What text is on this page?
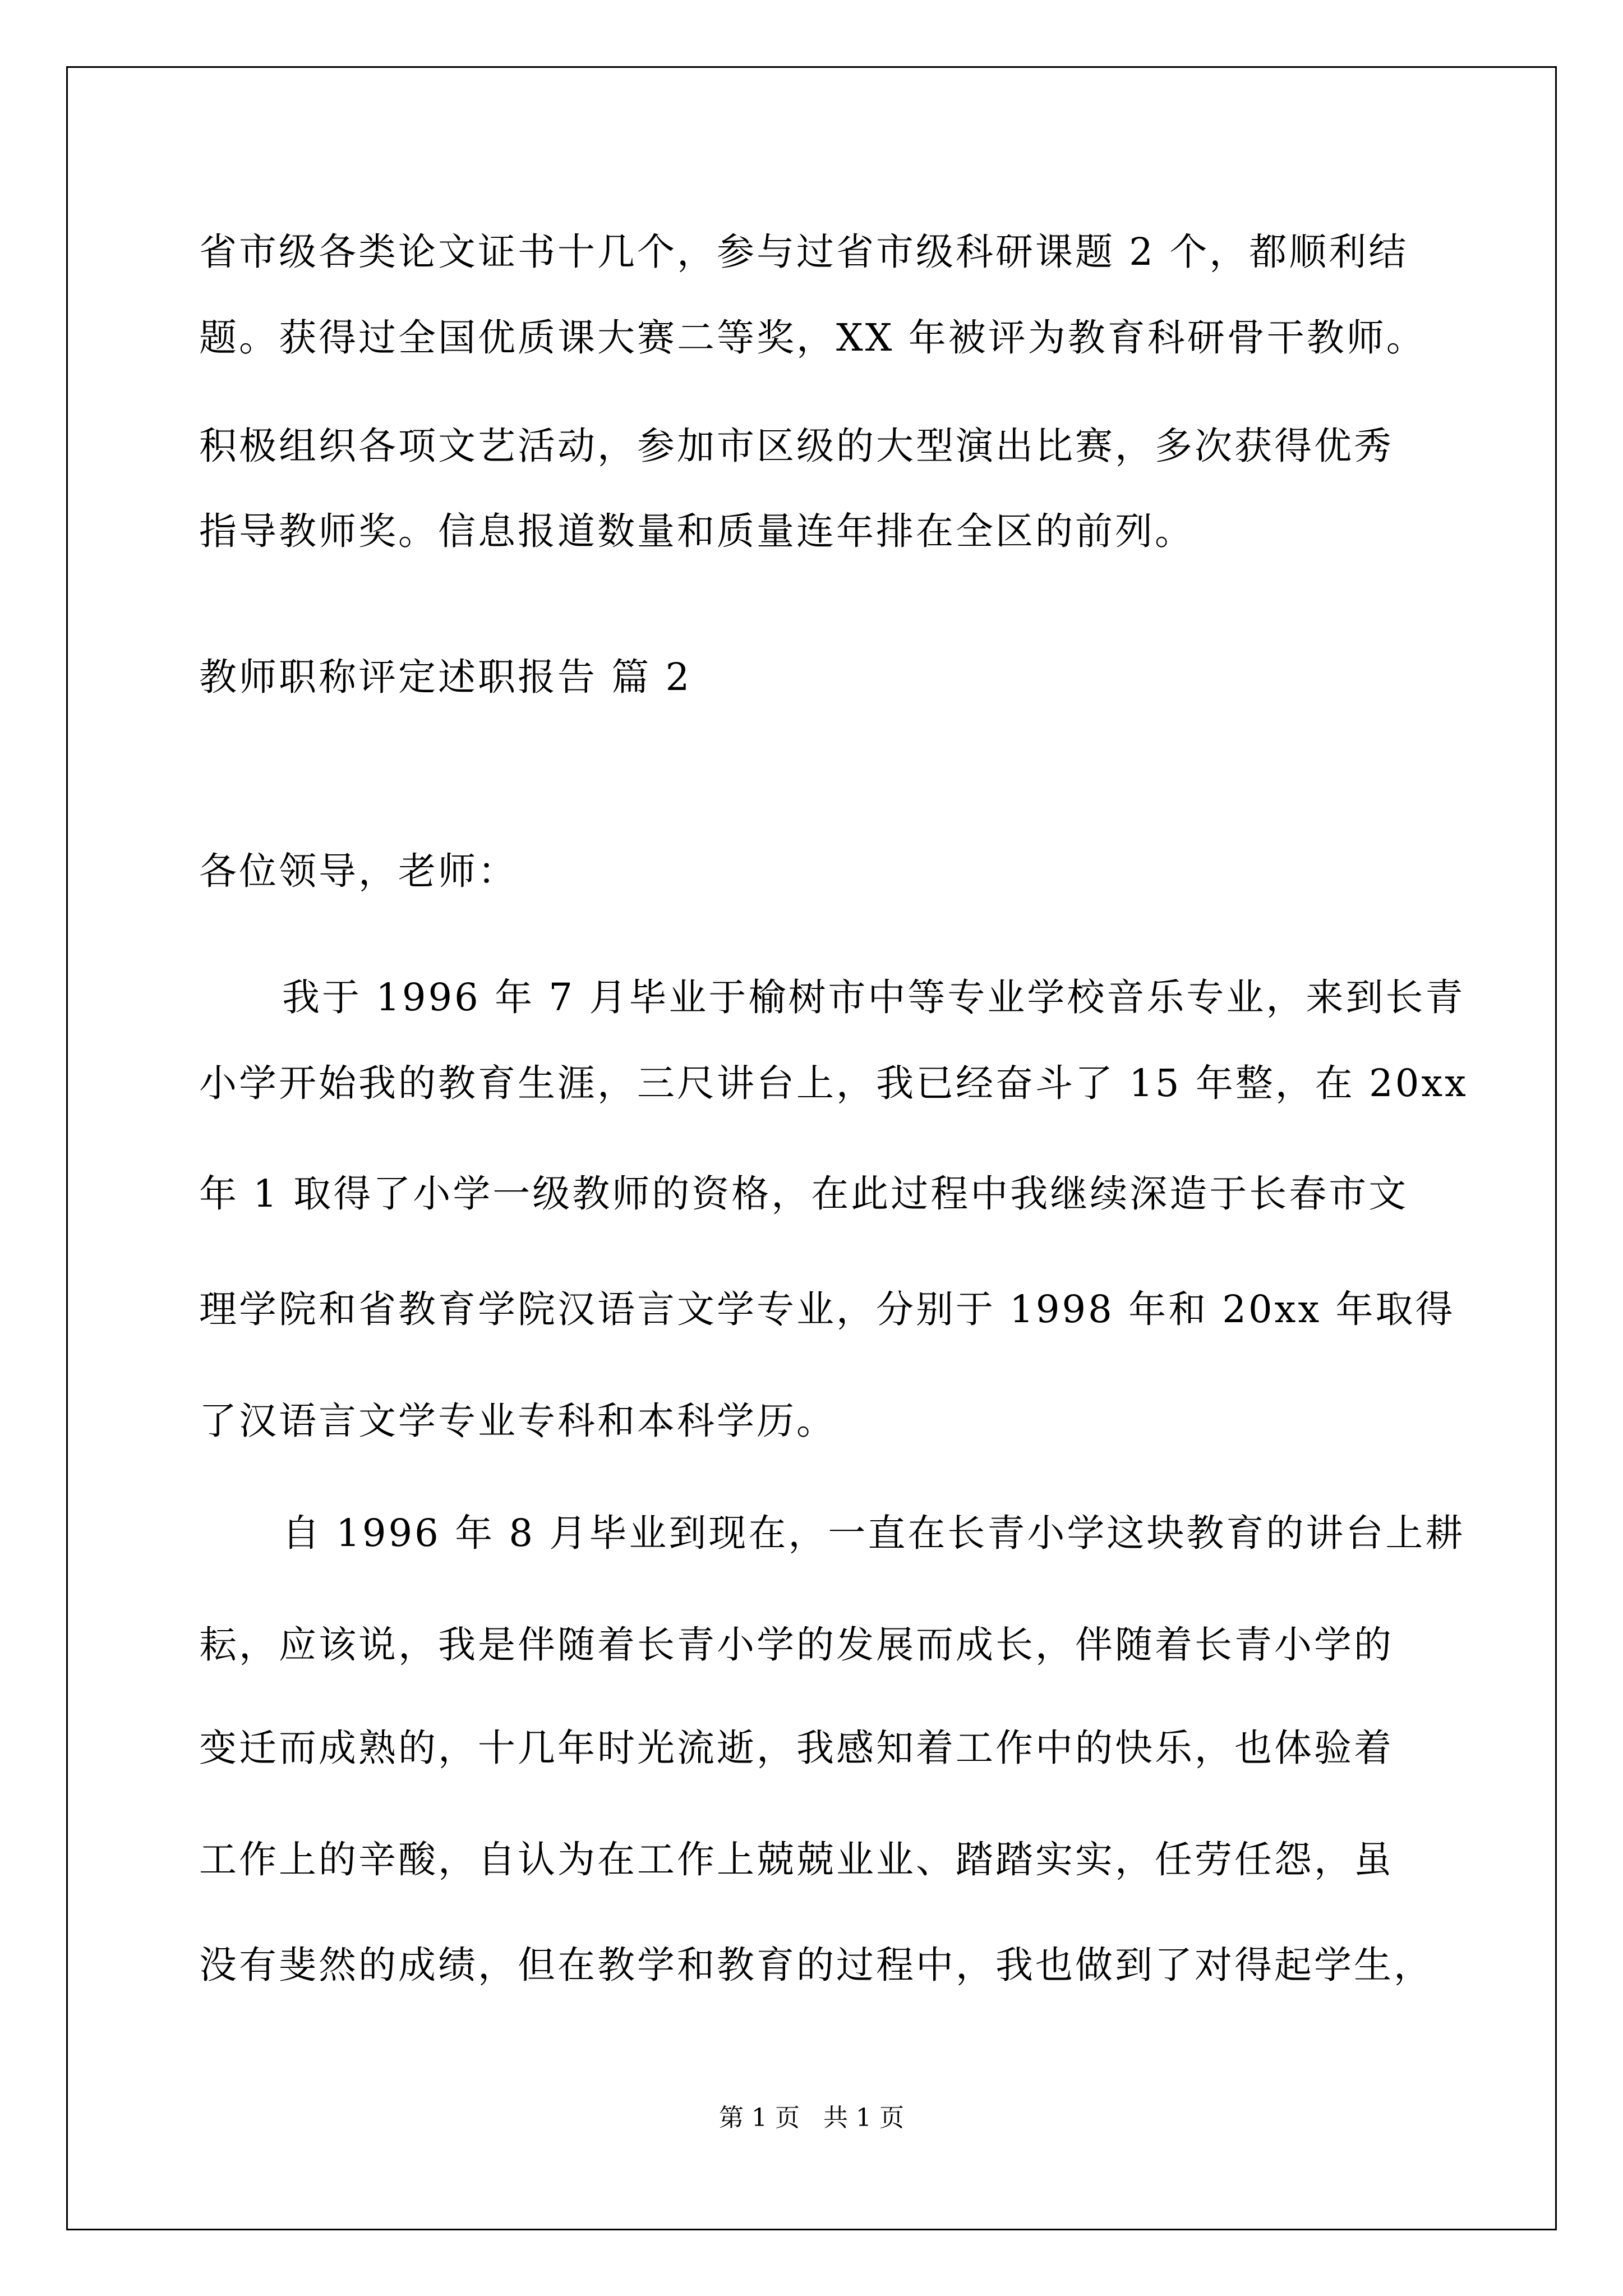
省市级各类论文证书十几个，参与过省市级科研课题 2 个，都顺利结
题。获得过全国优质课大赛二等奖，XX 年被评为教育科研骨干教师。
积极组织各项文艺活动，参加市区级的大型演出比赛，多次获得优秀
指导教师奖。信息报道数量和质量连年排在全区的前列。
教师职称评定述职报告 篇 2
各位领导，老师：
我于 1996 年 7 月毕业于榆树市中等专业学校音乐专业，来到长青
小学开始我的教育生涯，三尺讲台上，我已经奋斗了 15 年整，在 20xx
年 1 取得了小学一级教师的资格，在此过程中我继续深造于长春市文
理学院和省教育学院汉语言文学专业，分别于 1998 年和 20xx 年取得
了汉语言文学专业专科和本科学历。
自 1996 年 8 月毕业到现在，一直在长青小学这块教育的讲台上耕
耘，应该说，我是伴随着长青小学的发展而成长，伴随着长青小学的
变迁而成熟的，十几年时光流逝，我感知着工作中的快乐，也体验着
工作上的辛酸，自认为在工作上兢兢业业、踏踏实实，任劳任怨，虽
没有斐然的成绩，但在教学和教育的过程中，我也做到了对得起学生，
第 1 页   共 1 页
